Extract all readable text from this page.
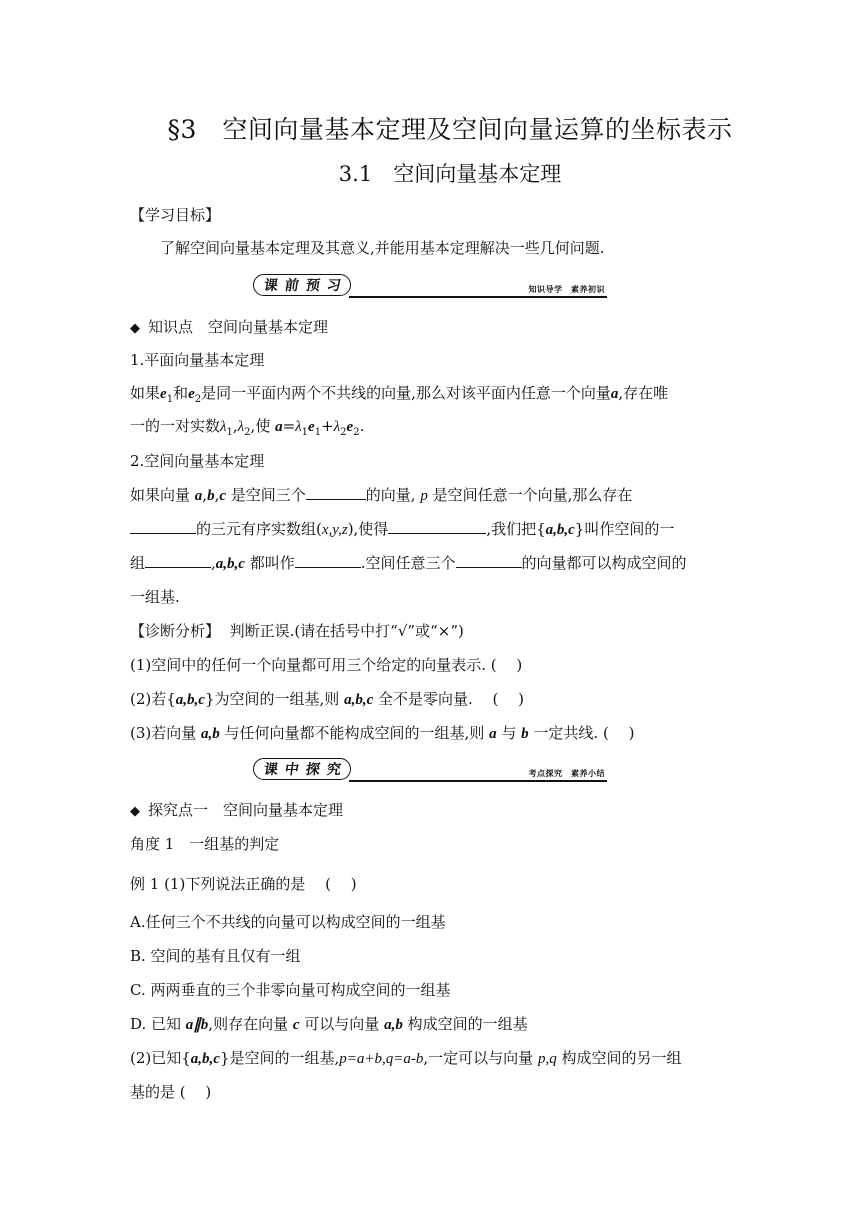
§3　空间向量基本定理及空间向量运算的坐标表示
3.1　空间向量基本定理
【学习目标】
了解空间向量基本定理及其意义,并能用基本定理解决一些几何问题.
课 前 预 习	知识导学　素养初识
◆ 知识点　空间向量基本定理
1.平面向量基本定理
如果$e_1$和$e_2$是同一平面内两个不共线的向量,那么对该平面内任意一个向量a,存在唯
一的一对实数$\lambda_1,\lambda_2$,使 $a=\lambda_1e_1+\lambda_2e_2$.
2.空间向量基本定理
如果向量 a,b,c 是空间三个	的向量, p 是空间任意一个向量,那么存在
的三元有序实数组(x,y,z),使得	,我们把{a,b,c}叫作空间的一
组	,a,b,c 都叫作	.空间任意三个	的向量都可以构成空间的
一组基.
【诊断分析】 判断正误.(请在括号中打“√”或“×”)
(1)空间中的任何一个向量都可用三个给定的向量表示. (　 )
(2)若{a,b,c}为空间的一组基,则 a,b,c 全不是零向量.　 (　 )
(3)若向量 a,b 与任何向量都不能构成空间的一组基,则 a 与 b 一定共线. (　 )
课 中 探 究	考点探究　素养小结
◆ 探究点一　空间向量基本定理
角度 1　一组基的判定
例 1 (1)下列说法正确的是　 (　 )
A.任何三个不共线的向量可以构成空间的一组基
B. 空间的基有且仅有一组
C. 两两垂直的三个非零向量可构成空间的一组基
D. 已知 a∥b,则存在向量 c 可以与向量 a,b 构成空间的一组基
(2)已知{a,b,c}是空间的一组基,p=a+b,q=a-b,一定可以与向量 p,q 构成空间的另一组
基的是 (　 )
